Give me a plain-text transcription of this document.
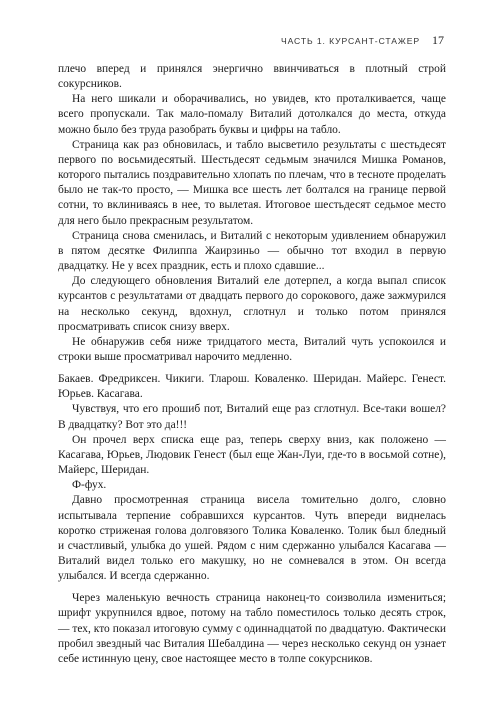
ЧАСТЬ 1. КУРСАНТ-СТАЖЕР 17

плечо вперед и принялся энергично ввинчиваться в плотный строй сокурсников.

На него шикали и оборачивались, но увидев, кто проталкивается, чаще всего пропускали. Так мало-помалу Виталий дотолкался до места, откуда можно было без труда разобрать буквы и цифры на табло.

Страница как раз обновилась, и табло высветило результаты с шестьдесят первого по восьмидесятый. Шестьдесят седьмым значился Мишка Романов, которого пытались поздравительно хлопать по плечам, что в тесноте проделать было не так-то просто, — Мишка все шесть лет болтался на границе первой сотни, то вклиниваясь в нее, то вылетая. Итоговое шестьдесят седьмое место для него было прекрасным результатом.

Страница снова сменилась, и Виталий с некоторым удивлением обнаружил в пятом десятке Филиппа Жаирзиньо — обычно тот входил в первую двадцатку. Не у всех праздник, есть и плохо сдавшие...

До следующего обновления Виталий еле дотерпел, а когда выпал список курсантов с результатами от двадцать первого до сорокового, даже зажмурился на несколько секунд, вдохнул, сглотнул и только потом принялся просматривать список снизу вверх.

Не обнаружив себя ниже тридцатого места, Виталий чуть успокоился и строки выше просматривал нарочито медленно.

Бакаев. Фредриксен. Чикиги. Тларош. Коваленко. Шеридан. Майерс. Генест. Юрьев. Касагава.

Чувствуя, что его прошиб пот, Виталий еще раз сглотнул. Все-таки вошел? В двадцатку? Вот это да!!!

Он прочел верх списка еще раз, теперь сверху вниз, как положено — Касагава, Юрьев, Людовик Генест (был еще Жан-Луи, где-то в восьмой сотне), Майерс, Шеридан.

Ф-фух.

Давно просмотренная страница висела томительно долго, словно испытывала терпение собравшихся курсантов. Чуть впереди виднелась коротко стриженая голова долговязого Толика Коваленко. Толик был бледный и счастливый, улыбка до ушей. Рядом с ним сдержанно улыбался Касагава — Виталий видел только его макушку, но не сомневался в этом. Он всегда улыбался. И всегда сдержанно.

Через маленькую вечность страница наконец-то соизволила измениться; шрифт укрупнился вдвое, потому на табло поместилось только десять строк, — тех, кто показал итоговую сумму с одиннадцатой по двадцатую. Фактически пробил звездный час Виталия Шебалдина — через несколько секунд он узнает себе истинную цену, свое настоящее место в толпе сокурсников.
